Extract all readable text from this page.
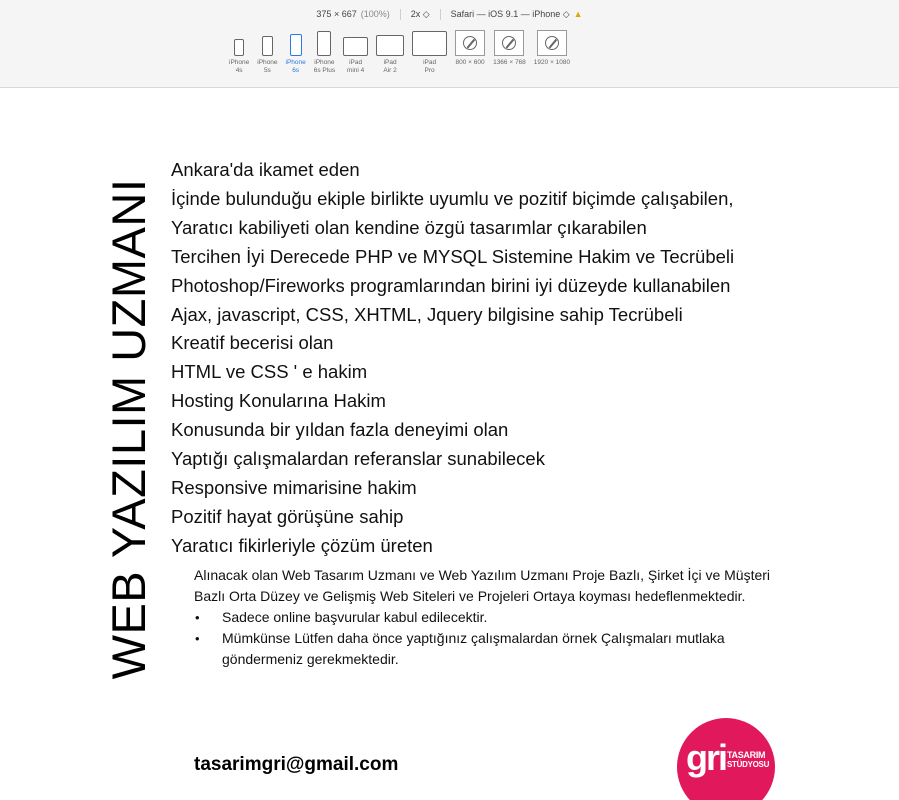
375 × 667 (100%) 2x ◇ Safari — iOS 9.1 — iPhone ◇ ▲
iPhone
4s
iPhone
5s
iPhone
6s
iPhone
6s Plus
iPad
mini 4
iPad
Air 2
iPad
Pro
800 × 600 1366 × 768 1920 × 1080
WEB YAZILIM UZMANI
Ankara'da ikamet eden
İçinde bulunduğu ekiple birlikte uyumlu ve pozitif biçimde çalışabilen,
Yaratıcı kabiliyeti olan kendine özgü tasarımlar çıkarabilen
Tercihen İyi Derecede PHP ve MYSQL Sistemine Hakim ve Tecrübeli
Photoshop/Fireworks programlarından birini iyi düzeyde kullanabilen
Ajax, javascript, CSS, XHTML, Jquery bilgisine sahip Tecrübeli
Kreatif becerisi olan
HTML ve CSS ' e hakim
Hosting Konularına Hakim
Konusunda bir yıldan fazla deneyimi olan
Yaptığı çalışmalardan referanslar sunabilecek
Responsive mimarisine hakim
Pozitif hayat görüşüne sahip
Yaratıcı fikirleriyle çözüm üreten

Alınacak olan Web Tasarım Uzmanı ve Web Yazılım Uzmanı Proje Bazlı, Şirket İçi ve Müşteri Bazlı Orta Düzey ve Gelişmiş Web Siteleri ve Projeleri Ortaya koyması hedeflenmektedir.

• Sadece online başvurular kabul edilecektir.
• Mümkünse Lütfen daha önce yaptığınız çalışmalardan örnek Çalışmaları mutlaka göndermeniz gerekmektedir.
tasarimgri@gmail.com	gri TASARIM
STÜDYOSU
